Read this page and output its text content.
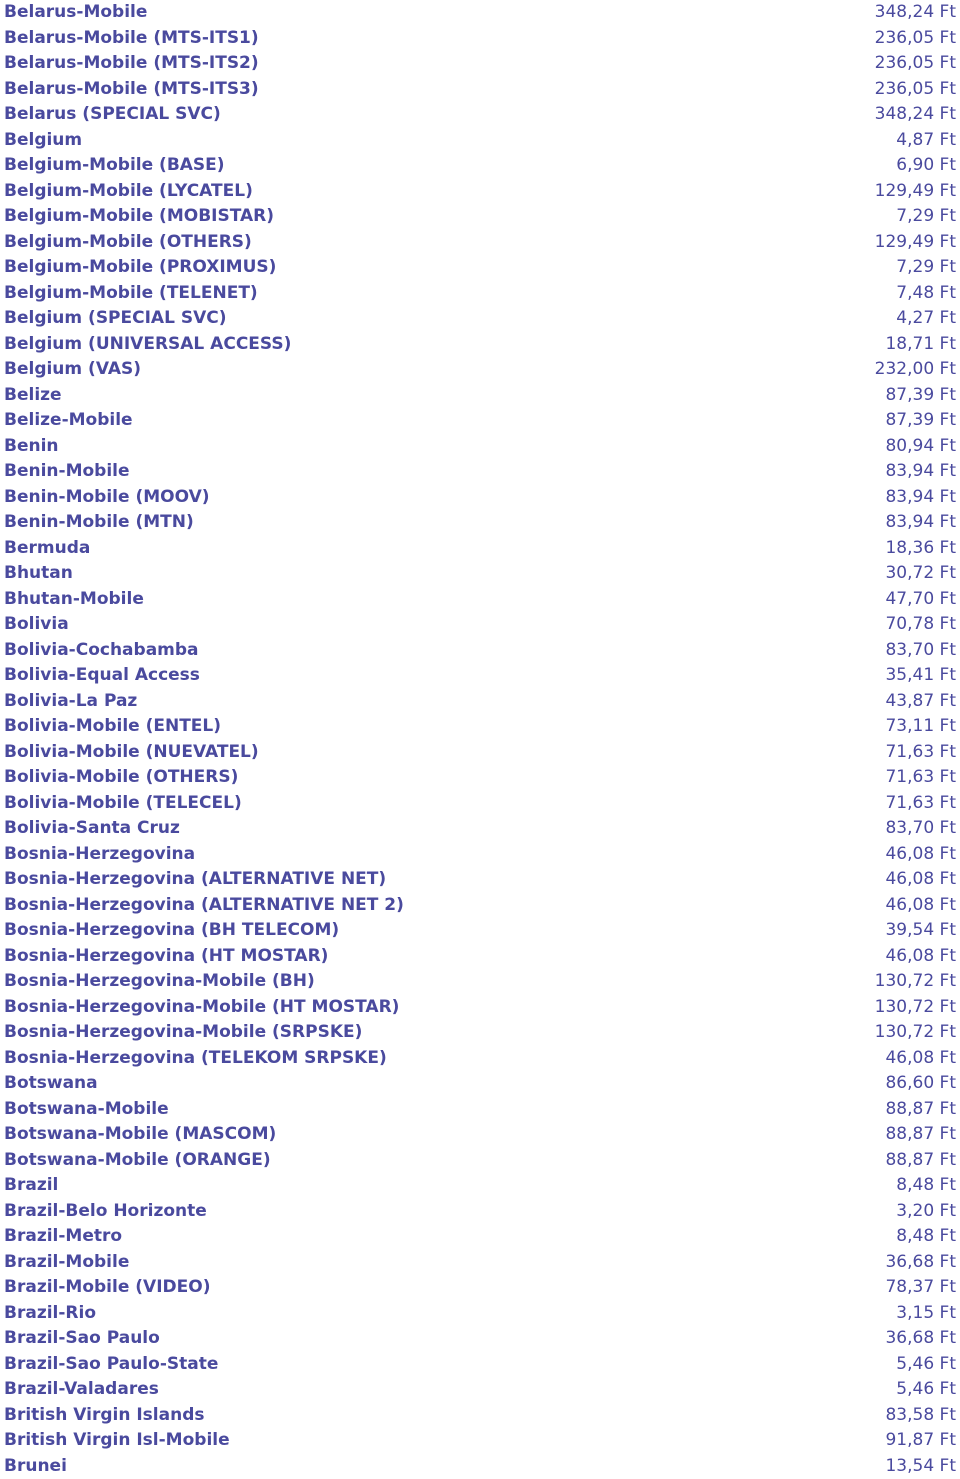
Belarus-Mobile	348,24 Ft
Belarus-Mobile (MTS-ITS1)	236,05 Ft
Belarus-Mobile (MTS-ITS2)	236,05 Ft
Belarus-Mobile (MTS-ITS3)	236,05 Ft
Belarus (SPECIAL SVC)	348,24 Ft
Belgium	4,87 Ft
Belgium-Mobile (BASE)	6,90 Ft
Belgium-Mobile (LYCATEL)	129,49 Ft
Belgium-Mobile (MOBISTAR)	7,29 Ft
Belgium-Mobile (OTHERS)	129,49 Ft
Belgium-Mobile (PROXIMUS)	7,29 Ft
Belgium-Mobile (TELENET)	7,48 Ft
Belgium (SPECIAL SVC)	4,27 Ft
Belgium (UNIVERSAL ACCESS)	18,71 Ft
Belgium (VAS)	232,00 Ft
Belize	87,39 Ft
Belize-Mobile	87,39 Ft
Benin	80,94 Ft
Benin-Mobile	83,94 Ft
Benin-Mobile (MOOV)	83,94 Ft
Benin-Mobile (MTN)	83,94 Ft
Bermuda	18,36 Ft
Bhutan	30,72 Ft
Bhutan-Mobile	47,70 Ft
Bolivia	70,78 Ft
Bolivia-Cochabamba	83,70 Ft
Bolivia-Equal Access	35,41 Ft
Bolivia-La Paz	43,87 Ft
Bolivia-Mobile (ENTEL)	73,11 Ft
Bolivia-Mobile (NUEVATEL)	71,63 Ft
Bolivia-Mobile (OTHERS)	71,63 Ft
Bolivia-Mobile (TELECEL)	71,63 Ft
Bolivia-Santa Cruz	83,70 Ft
Bosnia-Herzegovina	46,08 Ft
Bosnia-Herzegovina (ALTERNATIVE NET)	46,08 Ft
Bosnia-Herzegovina (ALTERNATIVE NET 2)	46,08 Ft
Bosnia-Herzegovina (BH TELECOM)	39,54 Ft
Bosnia-Herzegovina (HT MOSTAR)	46,08 Ft
Bosnia-Herzegovina-Mobile (BH)	130,72 Ft
Bosnia-Herzegovina-Mobile (HT MOSTAR)	130,72 Ft
Bosnia-Herzegovina-Mobile (SRPSKE)	130,72 Ft
Bosnia-Herzegovina (TELEKOM SRPSKE)	46,08 Ft
Botswana	86,60 Ft
Botswana-Mobile	88,87 Ft
Botswana-Mobile (MASCOM)	88,87 Ft
Botswana-Mobile (ORANGE)	88,87 Ft
Brazil	8,48 Ft
Brazil-Belo Horizonte	3,20 Ft
Brazil-Metro	8,48 Ft
Brazil-Mobile	36,68 Ft
Brazil-Mobile (VIDEO)	78,37 Ft
Brazil-Rio	3,15 Ft
Brazil-Sao Paulo	36,68 Ft
Brazil-Sao Paulo-State	5,46 Ft
Brazil-Valadares	5,46 Ft
British Virgin Islands	83,58 Ft
British Virgin Isl-Mobile	91,87 Ft
Brunei	13,54 Ft
